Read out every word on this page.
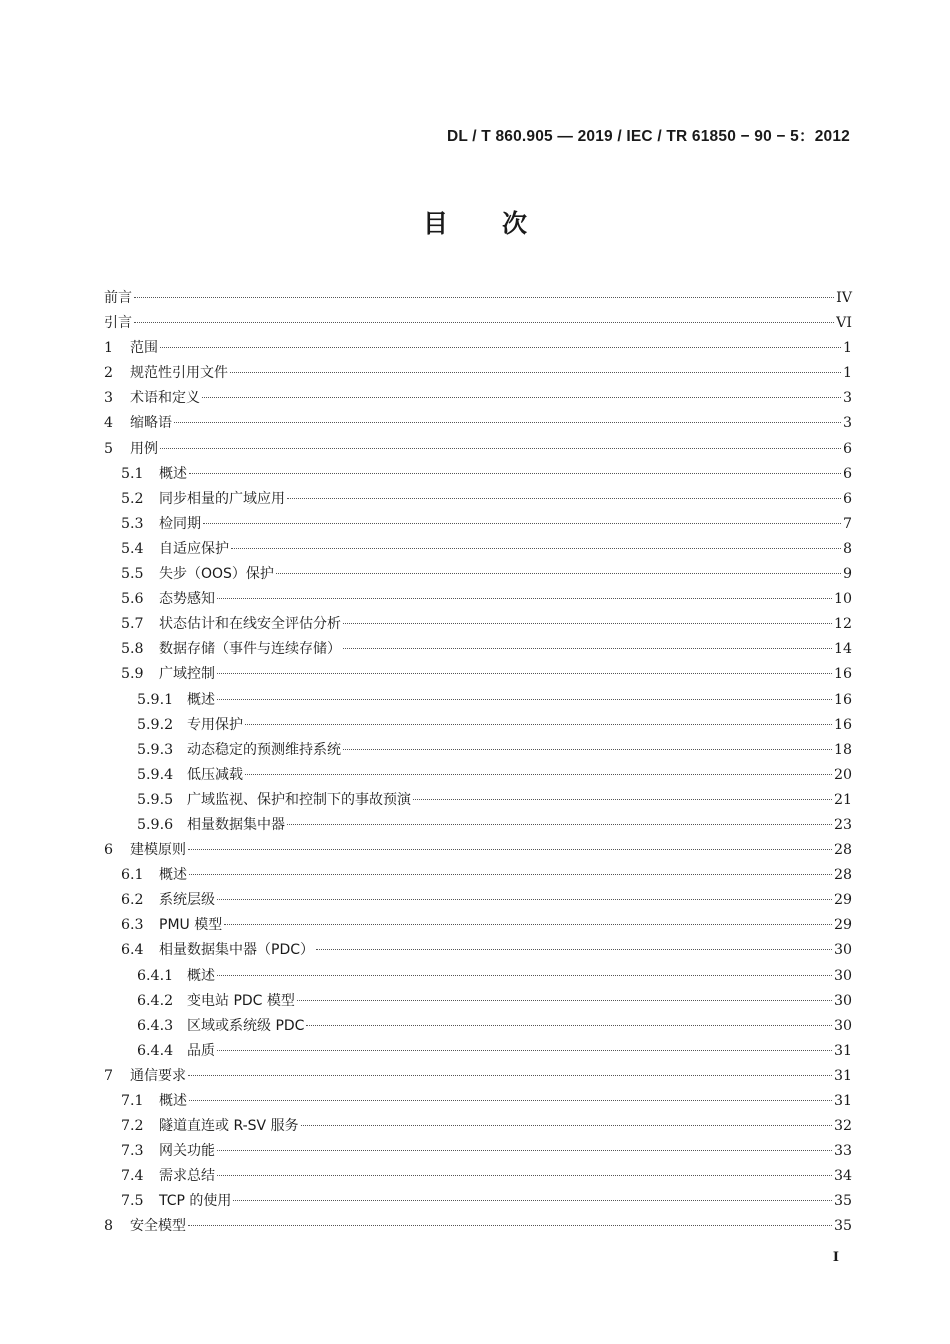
DL / T 860.905 — 2019 / IEC / TR 61850 − 90 − 5：2012
目 次
前言	IV
引言	VI
1	范围	1
2	规范性引用文件	1
3	术语和定义	3
4	缩略语	3
5	用例	6
5.1	概述	6
5.2	同步相量的广域应用	6
5.3	检同期	7
5.4	自适应保护	8
5.5	失步（OOS）保护	9
5.6	态势感知	10
5.7	状态估计和在线安全评估分析	12
5.8	数据存储（事件与连续存储）	14
5.9	广域控制	16
5.9.1 概述	16
5.9.2 专用保护	16
5.9.3 动态稳定的预测维持系统	18
5.9.4 低压减载	20
5.9.5 广域监视、保护和控制下的事故预演	21
5.9.6 相量数据集中器	23
6	建模原则	28
6.1	概述	28
6.2	系统层级	29
6.3	PMU 模型	29
6.4	相量数据集中器（PDC）	30
6.4.1 概述	30
6.4.2 变电站 PDC 模型	30
6.4.3 区域或系统级 PDC	30
6.4.4 品质	31
7	通信要求	31
7.1	概述	31
7.2	隧道直连或 R-SV 服务	32
7.3	网关功能	33
7.4	需求总结	34
7.5	TCP 的使用	35
8	安全模型	35
I
